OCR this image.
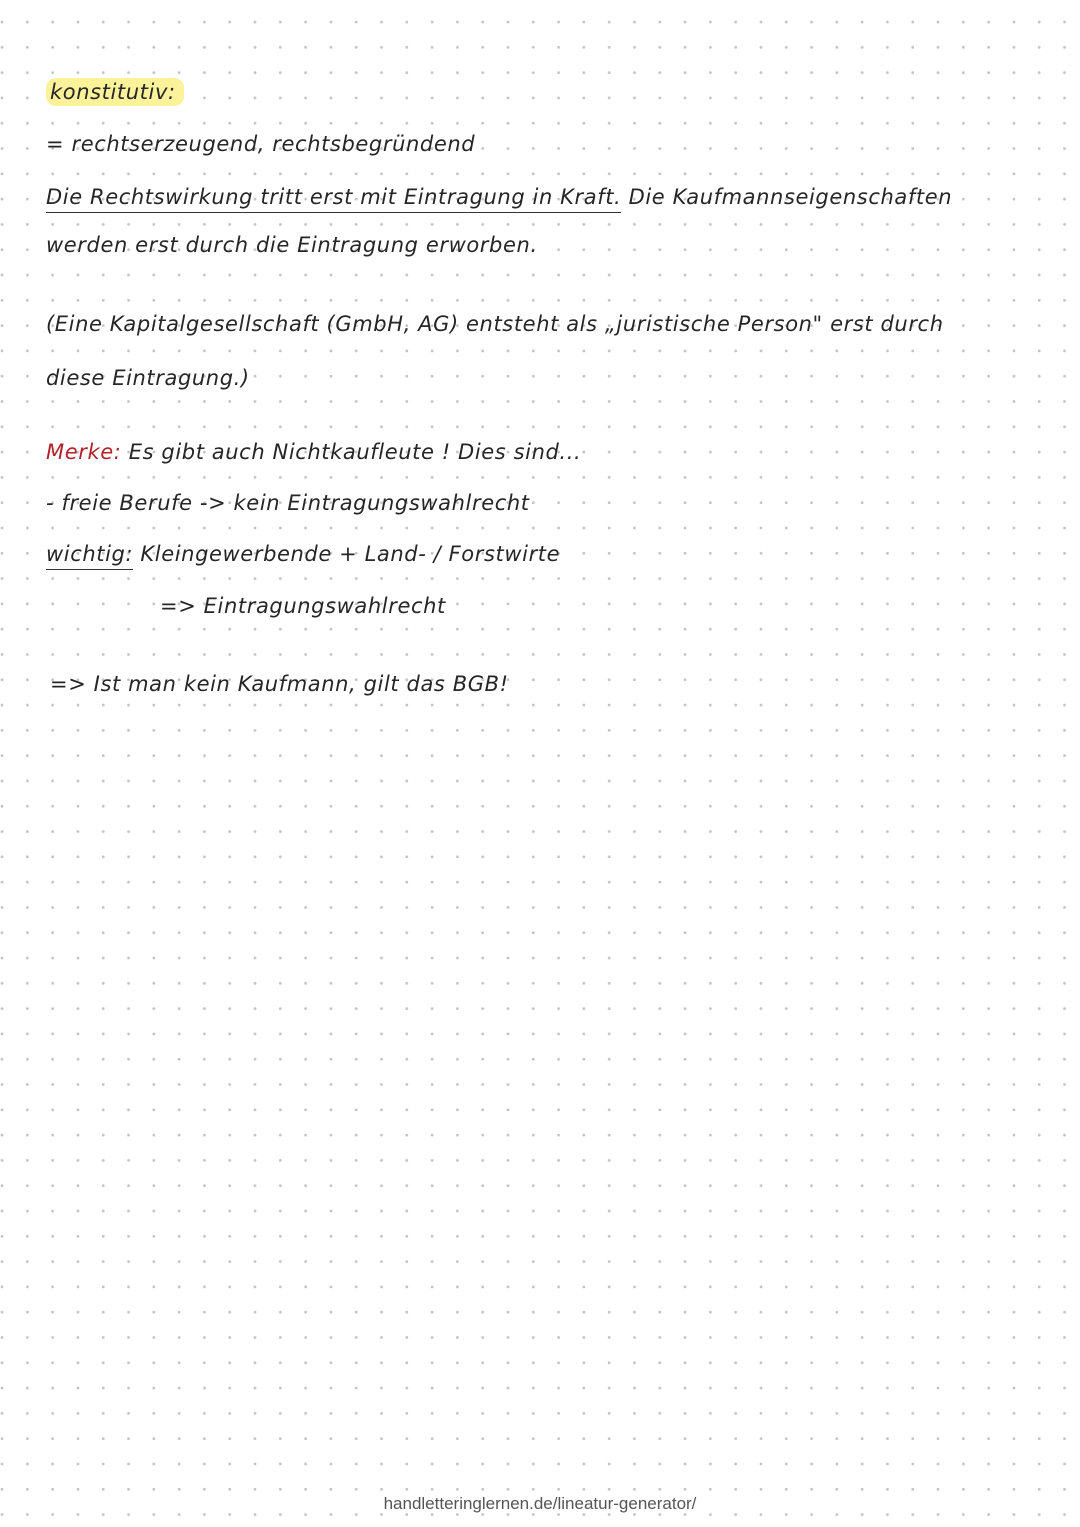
konstitutiv:
= rechtserzeugend, rechtsbegründend
Die Rechtswirkung tritt erst mit Eintragung in Kraft. Die Kaufmannseigenschaften
werden erst durch die Eintragung erworben.
(Eine Kapitalgesellschaft (GmbH, AG) entsteht als „juristische Person" erst durch
diese Eintragung.)
Merke: Es gibt auch Nichtkaufleute ! Dies sind...
- freie Berufe -> kein Eintragungswahlrecht
wichtig: Kleingewerbende + Land- / Forstwirte
=> Eintragungswahlrecht
=> Ist man kein Kaufmann, gilt das BGB!
handletteringlernen.de/lineatur-generator/
